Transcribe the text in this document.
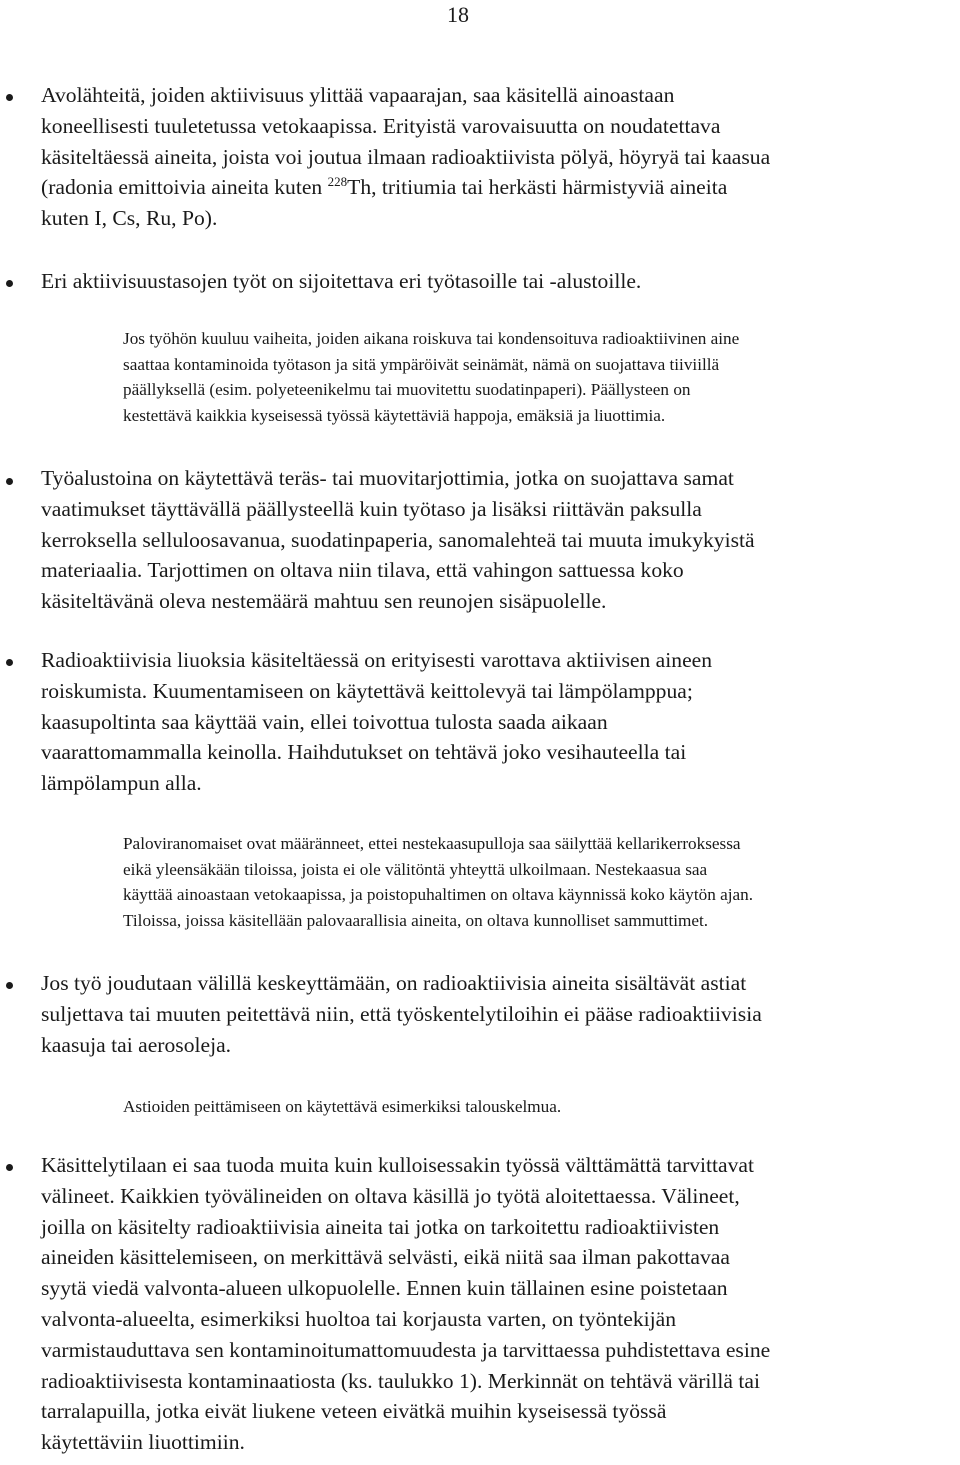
18
Avolähteitä, joiden aktiivisuus ylittää vapaarajan, saa käsitellä ainoastaan
koneellisesti tuuletetussa vetokaapissa. Erityistä varovaisuutta on noudatettava
käsiteltäessä aineita, joista voi joutua ilmaan radioaktiivista pölyä, höyryä tai kaasua
(radonia emittoivia aineita kuten $^{228}$Th, tritiumia tai herkästi härmistyviä aineita
kuten I, Cs, Ru, Po).
Eri aktiivisuustasojen työt on sijoitettava eri työtasoille tai -alustoille.
Jos työhön kuuluu vaiheita, joiden aikana roiskuva tai kondensoituva radioaktiivinen aine
saattaa kontaminoida työtason ja sitä ympäröivät seinämät, nämä on suojattava tiiviillä
päällyksellä (esim. polyeteenikelmu tai muovitettu suodatinpaperi). Päällysteen on
kestettävä kaikkia kyseisessä työssä käytettäviä happoja, emäksiä ja liuottimia.
Työalustoina on käytettävä teräs- tai muovitarjottimia, jotka on suojattava samat
vaatimukset täyttävällä päällysteellä kuin työtaso ja lisäksi riittävän paksulla
kerroksella selluloosavanua, suodatinpaperia, sanomalehteä tai muuta imukykyistä
materiaalia. Tarjottimen on oltava niin tilava, että vahingon sattuessa koko
käsiteltävänä oleva nestemäärä mahtuu sen reunojen sisäpuolelle.
Radioaktiivisia liuoksia käsiteltäessä on erityisesti varottava aktiivisen aineen
roiskumista. Kuumentamiseen on käytettävä keittolevyä tai lämpölamppua;
kaasupoltinta saa käyttää vain, ellei toivottua tulosta saada aikaan
vaarattomammalla keinolla. Haihdutukset on tehtävä joko vesihauteella tai
lämpölampun alla.
Paloviranomaiset ovat määränneet, ettei nestekaasupulloja saa säilyttää kellarikerroksessa
eikä yleensäkään tiloissa, joista ei ole välitöntä yhteyttä ulkoilmaan. Nestekaasua saa
käyttää ainoastaan vetokaapissa, ja poistopuhaltimen on oltava käynnissä koko käytön ajan.
Tiloissa, joissa käsitellään palovaarallisia aineita, on oltava kunnolliset sammuttimet.
Jos työ joudutaan välillä keskeyttämään, on radioaktiivisia aineita sisältävät astiat
suljettava tai muuten peitettävä niin, että työskentelytiloihin ei pääse radioaktiivisia
kaasuja tai aerosoleja.
Astioiden peittämiseen on käytettävä esimerkiksi talouskelmua.
Käsittelytilaan ei saa tuoda muita kuin kulloisessakin työssä välttämättä tarvittavat
välineet. Kaikkien työvälineiden on oltava käsillä jo työtä aloitettaessa. Välineet,
joilla on käsitelty radioaktiivisia aineita tai jotka on tarkoitettu radioaktiivisten
aineiden käsittelemiseen, on merkittävä selvästi, eikä niitä saa ilman pakottavaa
syytä viedä valvonta-alueen ulkopuolelle. Ennen kuin tällainen esine poistetaan
valvonta-alueelta, esimerkiksi huoltoa tai korjausta varten, on työntekijän
varmistauduttava sen kontaminoitumattomuudesta ja tarvittaessa puhdistettava esine
radioaktiivisesta kontaminaatiosta (ks. taulukko 1). Merkinnät on tehtävä värillä tai
tarralapuilla, jotka eivät liukene veteen eivätkä muihin kyseisessä työssä
käytettäviin liuottimiin.
